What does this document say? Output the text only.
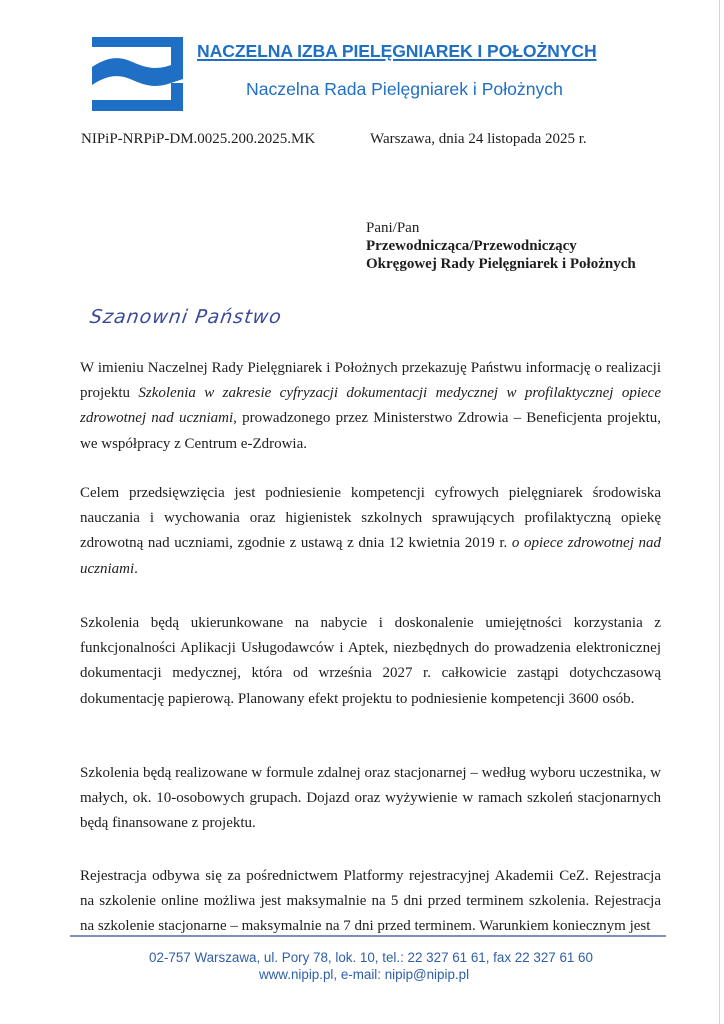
NACZELNA IZBA PIELĘGNIAREK I POŁOŻNYCH
Naczelna Rada Pielęgniarek i Położnych
NIPiP-NRPiP-DM.0025.200.2025.MK	Warszawa, dnia 24 listopada 2025 r.
Pani/Pan
Przewodnicząca/Przewodniczący
Okręgowej Rady Pielęgniarek i Położnych
Szanowni Państwo

W imieniu Naczelnej Rady Pielęgniarek i Położnych przekazuję Państwu informację o realizacji projektu Szkolenia w zakresie cyfryzacji dokumentacji medycznej w profilaktycznej opiece zdrowotnej nad uczniami, prowadzonego przez Ministerstwo Zdrowia – Beneficjenta projektu, we współpracy z Centrum e-Zdrowia.

Celem przedsięwzięcia jest podniesienie kompetencji cyfrowych pielęgniarek środowiska nauczania i wychowania oraz higienistek szkolnych sprawujących profilaktyczną opiekę zdrowotną nad uczniami, zgodnie z ustawą z dnia 12 kwietnia 2019 r. o opiece zdrowotnej nad uczniami.

Szkolenia będą ukierunkowane na nabycie i doskonalenie umiejętności korzystania z funkcjonalności Aplikacji Usługodawców i Aptek, niezbędnych do prowadzenia elektronicznej dokumentacji medycznej, która od września 2027 r. całkowicie zastąpi dotychczasową dokumentację papierową. Planowany efekt projektu to podniesienie kompetencji 3600 osób.

Szkolenia będą realizowane w formule zdalnej oraz stacjonarnej – według wyboru uczestnika, w małych, ok. 10-osobowych grupach. Dojazd oraz wyżywienie w ramach szkoleń stacjonarnych będą finansowane z projektu.

Rejestracja odbywa się za pośrednictwem Platformy rejestracyjnej Akademii CeZ. Rejestracja na szkolenie online możliwa jest maksymalnie na 5 dni przed terminem szkolenia. Rejestracja na szkolenie stacjonarne – maksymalnie na 7 dni przed terminem. Warunkiem koniecznym jest

02-757 Warszawa, ul. Pory 78, lok. 10, tel.: 22 327 61 61, fax 22 327 61 60
www.nipip.pl, e-mail: nipip@nipip.pl
